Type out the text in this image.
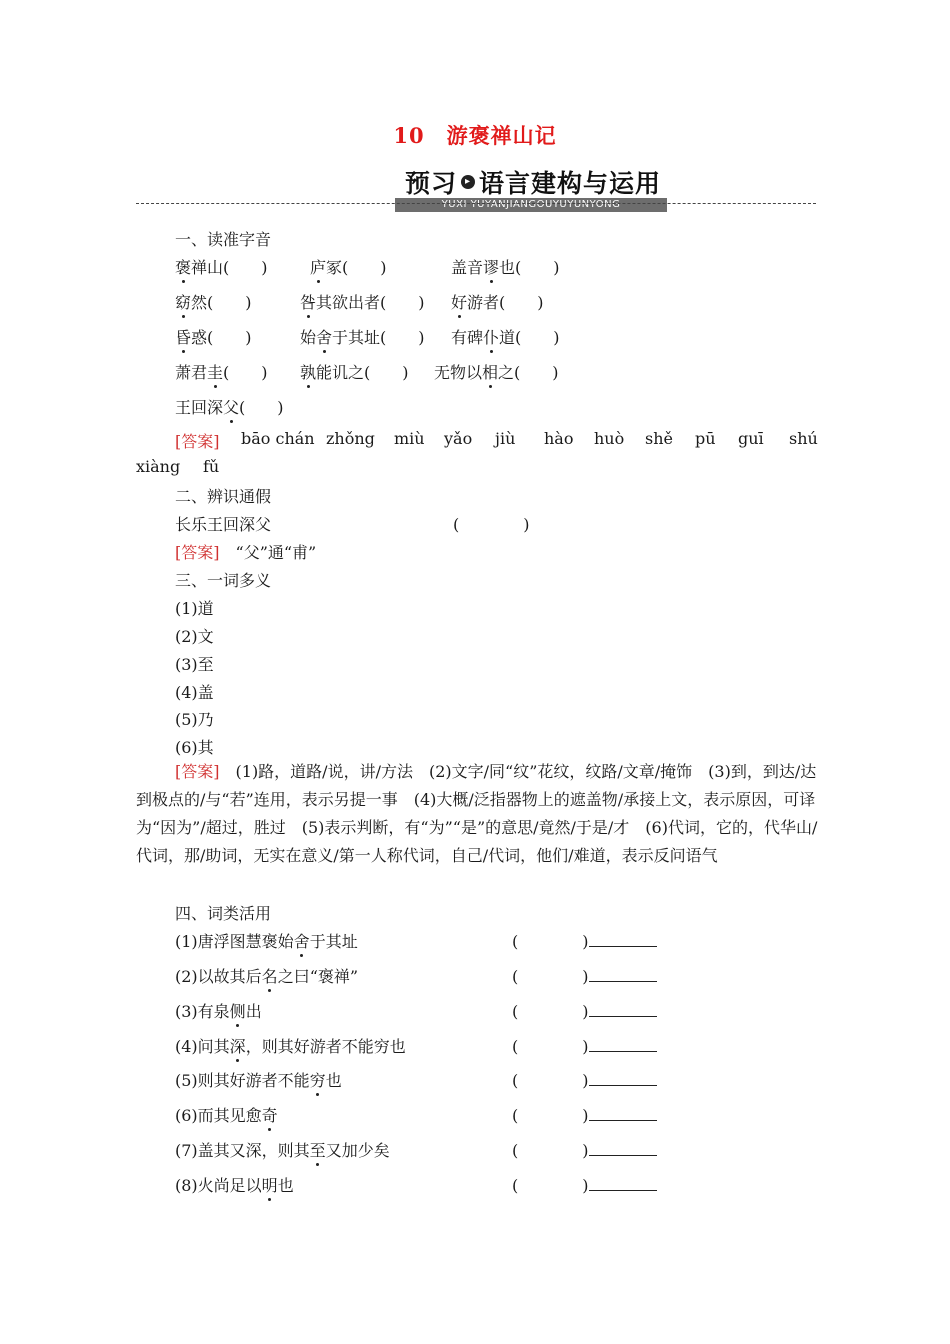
10　游褒禅山记
预习 ▸ 语言建构与运用
YUXI YUYANJIANGOUYUYUNYONG
一、读准字音
褒禅山(　　)	庐冢(　　)	盖音谬也(　　)
窈然(　　)	咎其欲出者(　　) 好游者(　　)
昏惑(　　)	始舍于其址(　　) 有碑仆道(　　)
萧君圭(　　) 孰能讥之(　　) 无物以相之(　　)
王回深父(　　)
[答案] bāo chán zhǒng miù yǎo jiù hào huò shě pū guī shú
xiàng fǔ
二、辨识通假
长乐王回深父	(　　　　)
[答案]　 “父”通“甫”
三、一词多义
(1)道
(2)文
(3)至
(4)盖
(5)乃
(6)其
[答案]　 (1)路，道路/说，讲/方法　(2)文字/同“纹”花纹，纹路/文章/掩饰　(3)到，到达/达到极点的/与“若”连用，表示另提一事　(4)大概/泛指器物上的遮盖物/承接上文，表示原因，可译为“因为”/超过，胜过　(5)表示判断，有“为”“是”的意思/竟然/于是/才　(6)代词，它的，代华山/代词，那/助词，无实在意义/第一人称代词，自己/代词，他们/难道，表示反问语气
四、词类活用
(1)唐浮图慧褒始舍于其址	(　　　　)
(2)以故其后名之曰“褒禅”	(　　　　)
(3)有泉侧出	(　　　　)
(4)问其深，则其好游者不能穷也	(　　　　)
(5)则其好游者不能穷也	(　　　　)
(6)而其见愈奇	(　　　　)
(7)盖其又深，则其至又加少矣	(　　　　)
(8)火尚足以明也	(　　　　)
